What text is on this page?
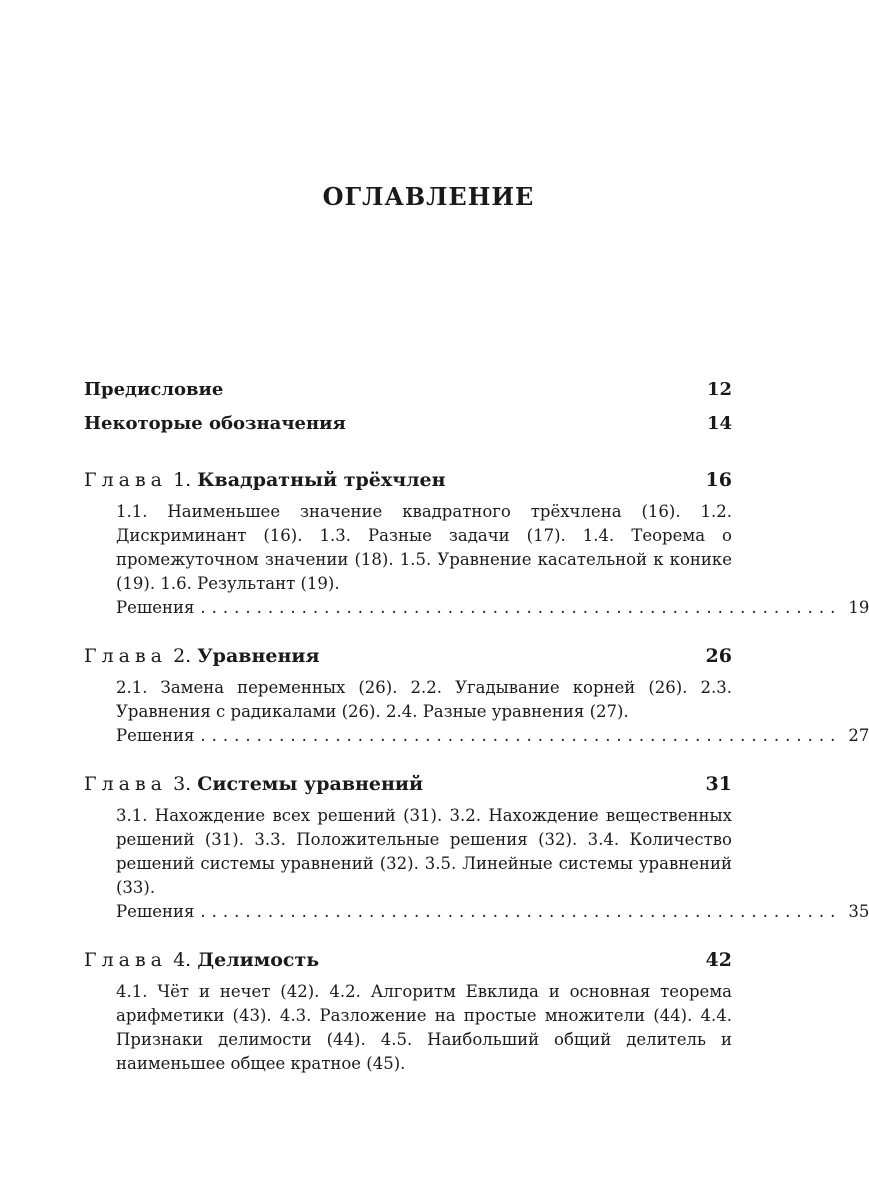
ОГЛАВЛЕНИЕ
Предисловие	12
Некоторые обозначения	14
Глава 1. Квадратный трёхчлен	16

1.1. Наименьшее значение квадратного трёхчлена (16). 1.2. Дискриминант (16). 1.3. Разные задачи (17). 1.4. Теорема о промежуточном значении (18). 1.5. Уравнение касательной к конике (19). 1.6. Результант (19).

Решения ......................................................... 19
Глава 2. Уравнения	26

2.1. Замена переменных (26). 2.2. Угадывание корней (26). 2.3. Уравнения с радикалами (26). 2.4. Разные уравнения (27).

Решения ......................................................... 27
Глава 3. Системы уравнений	31

3.1. Нахождение всех решений (31). 3.2. Нахождение вещественных решений (31). 3.3. Положительные решения (32). 3.4. Количество решений системы уравнений (32). 3.5. Линейные системы уравнений (33).

Решения ......................................................... 35
Глава 4. Делимость	42

4.1. Чёт и нечет (42). 4.2. Алгоритм Евклида и основная теорема арифметики (43). 4.3. Разложение на простые множители (44). 4.4. Признаки делимости (44). 4.5. Наибольший общий делитель и наименьшее общее кратное (45).
